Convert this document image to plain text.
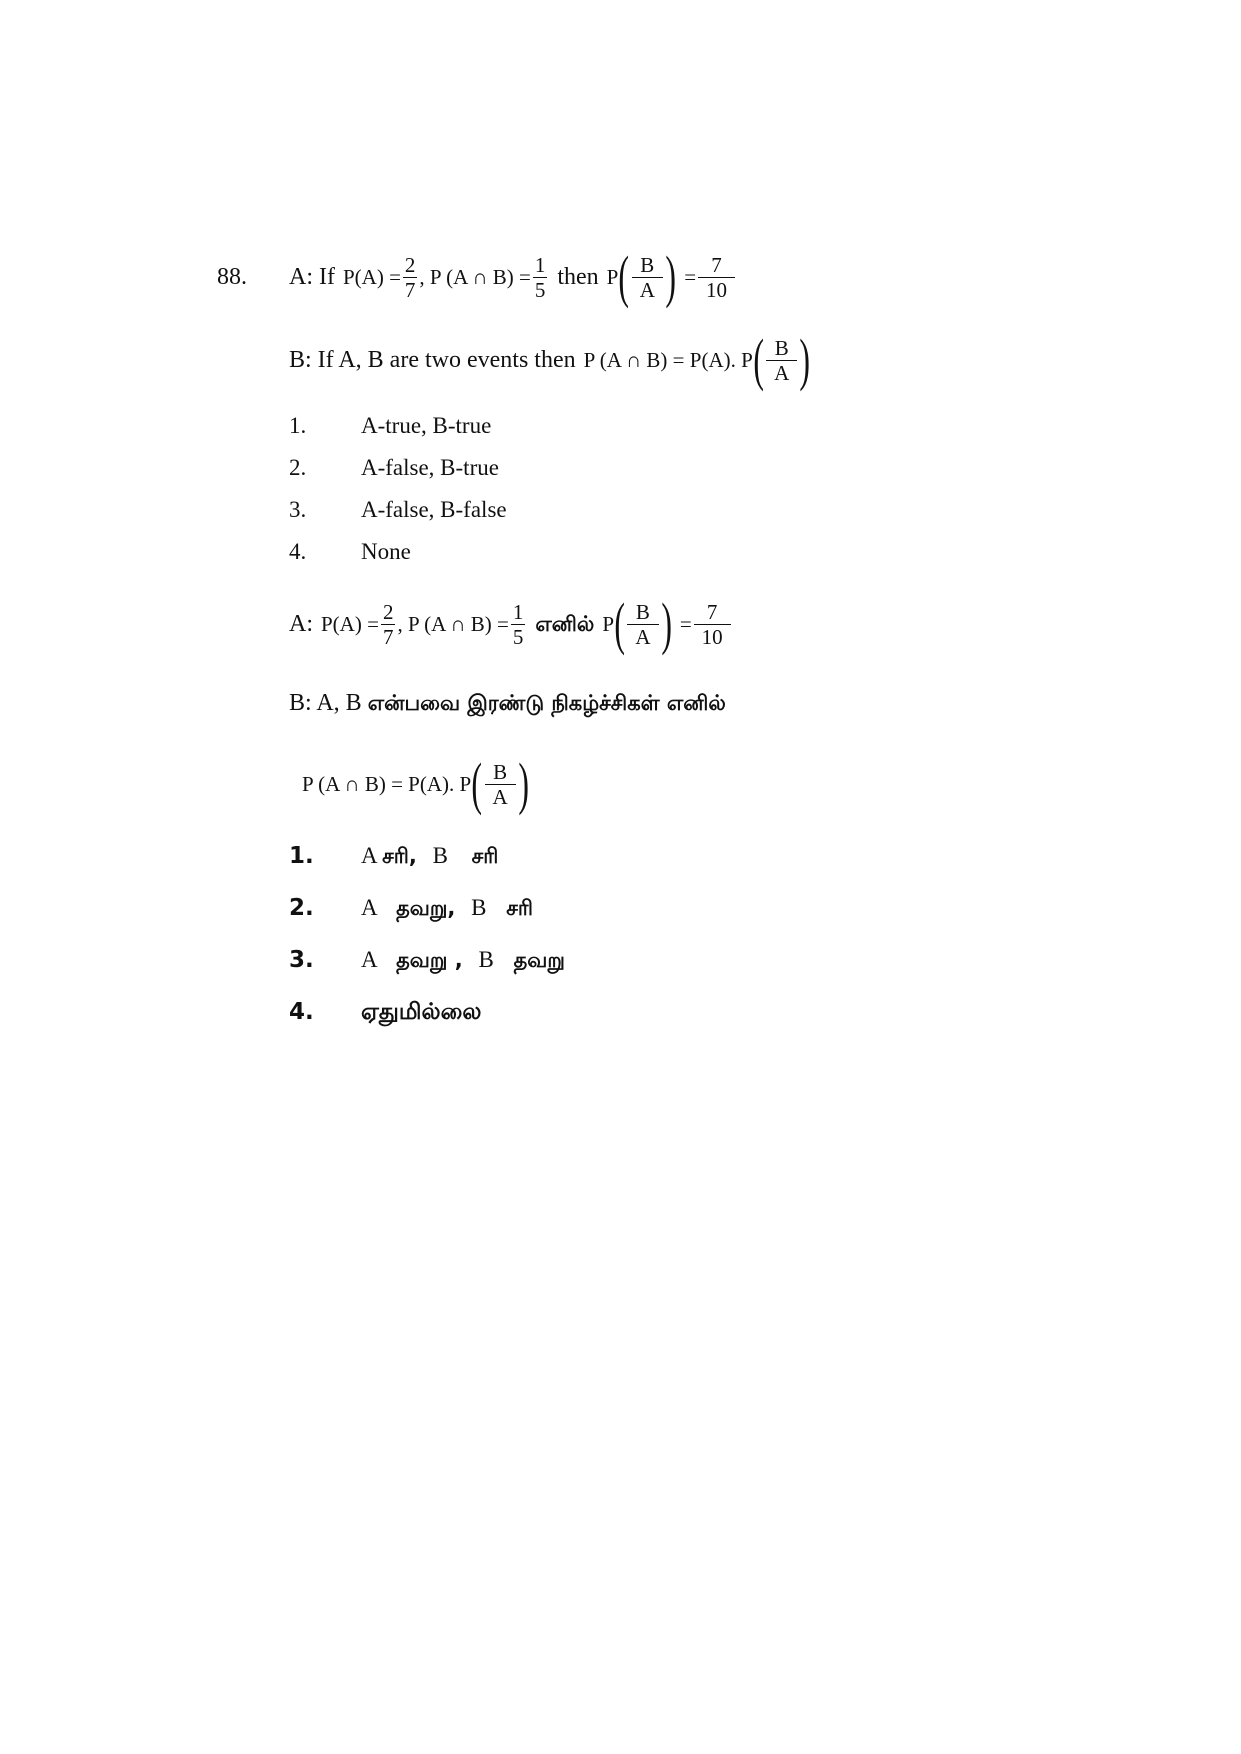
88. A: If $P(A) = \frac{2}{7}$ , P (A ∩ $B) = \frac{1}{5}$ then P ( $\frac{B}{A}$ ) = $\frac{7}{10}$
B: If A, B are two events then P (A ∩ B) = P(A). P ( $\frac{B}{A}$ )
1. A-true, B-true
2. A-false, B-true
3. A-false, B-false
4. None
A: $P(A) = \frac{2}{7}$ , P (A ∩ $B) = \frac{1}{5}$ எனில் P ( $\frac{B}{A}$ ) = $\frac{7}{10}$
B: A, B என்பவை இரண்டு நிகழ்ச்சிகள் எனில்
P (A ∩ B) = P(A). P ( $\frac{B}{A}$ )
1. A சரி, B சரி
2. A தவறு, B சரி
3. A தவறு , B தவறு
4. ஏதுமில்லை
